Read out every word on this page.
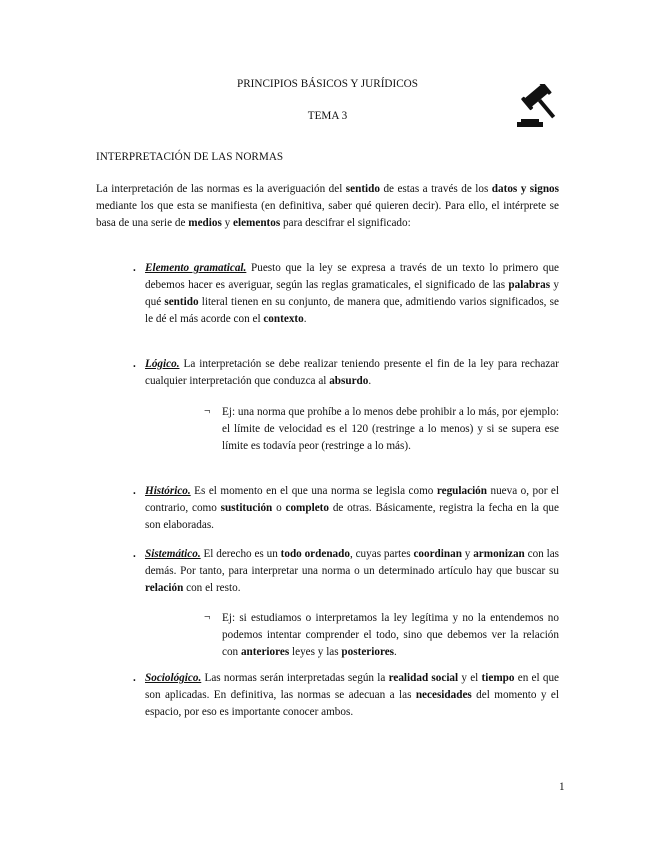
PRINCIPIOS BÁSICOS Y JURÍDICOS
TEMA 3
INTERPRETACIÓN DE LAS NORMAS

La interpretación de las normas es la averiguación del sentido de estas a través de los datos y signos mediante los que esta se manifiesta (en definitiva, saber qué quieren decir). Para ello, el intérprete se basa de una serie de medios y elementos para descifrar el significado:

. Elemento gramatical. Puesto que la ley se expresa a través de un texto lo primero que debemos hacer es averiguar, según las reglas gramaticales, el significado de las palabras y qué sentido literal tienen en su conjunto, de manera que, admitiendo varios significados, se le dé el más acorde con el contexto.

. Lógico. La interpretación se debe realizar teniendo presente el fin de la ley para rechazar cualquier interpretación que conduzca al absurdo.

¬ Ej: una norma que prohíbe a lo menos debe prohibir a lo más, por ejemplo: el límite de velocidad es el 120 (restringe a lo menos) y si se supera ese límite es todavía peor (restringe a lo más).

. Histórico. Es el momento en el que una norma se legisla como regulación nueva o, por el contrario, como sustitución o completo de otras. Básicamente, registra la fecha en la que son elaboradas.

. Sistemático. El derecho es un todo ordenado, cuyas partes coordinan y armonizan con las demás. Por tanto, para interpretar una norma o un determinado artículo hay que buscar su relación con el resto.

¬ Ej: si estudiamos o interpretamos la ley legítima y no la entendemos no podemos intentar comprender el todo, sino que debemos ver la relación con anteriores leyes y las posteriores.

. Sociológico. Las normas serán interpretadas según la realidad social y el tiempo en el que son aplicadas. En definitiva, las normas se adecuan a las necesidades del momento y el espacio, por eso es importante conocer ambos.

1
